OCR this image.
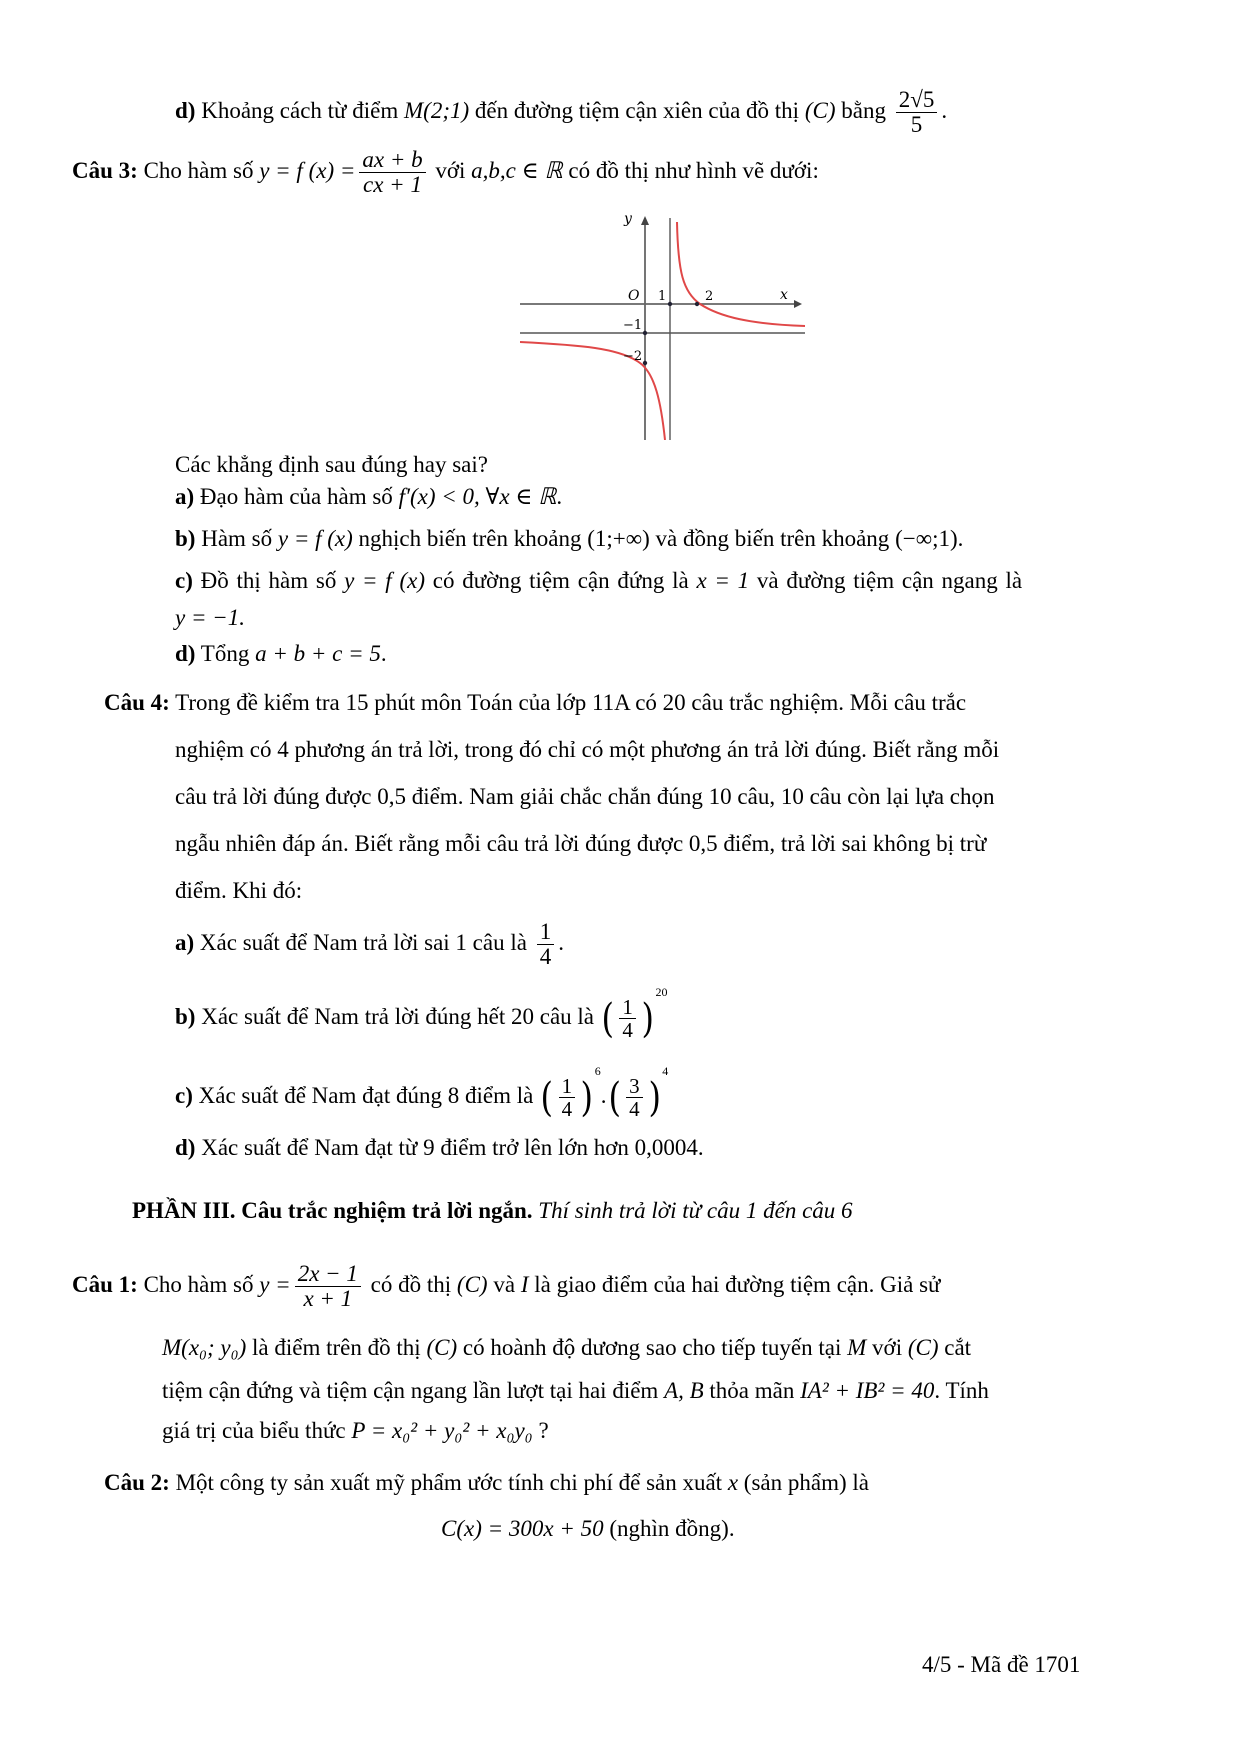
d) Khoảng cách từ điểm M(2;1) đến đường tiệm cận xiên của đồ thị (C) bằng $\frac{2√5}{5}$ .
Câu 3: Cho hàm số y = f $(x) = \frac{ax + b}{cx + 1}$ với a,b,c ∈ ℝ có đồ thị như hình vẽ dưới:
y
x
O 1	2
−1
−2
Các khẳng định sau đúng hay sai?
a) Đạo hàm của hàm số f′(x) < 0, ∀x ∈ ℝ.
b) Hàm số y = f (x) nghịch biến trên khoảng (1;+∞) và đồng biến trên khoảng (−∞;1).
c) Đồ thị hàm số y = f (x) có đường tiệm cận đứng là x = 1 và đường tiệm cận ngang là
y = −1.
d) Tổng a + b + c = 5.
Câu 4: Trong đề kiểm tra 15 phút môn Toán của lớp 11A có 20 câu trắc nghiệm. Mỗi câu trắc
nghiệm có 4 phương án trả lời, trong đó chỉ có một phương án trả lời đúng. Biết rằng mỗi
câu trả lời đúng được 0,5 điểm. Nam giải chắc chắn đúng 10 câu, 10 câu còn lại lựa chọn
ngẫu nhiên đáp án. Biết rằng mỗi câu trả lời đúng được 0,5 điểm, trả lời sai không bị trừ
điểm. Khi đó:
a) Xác suất để Nam trả lời sai 1 câu là $\frac{1}{4}$ .
b) Xác suất để Nam trả lời đúng hết 20 câu là ( $\frac{1}{4} )^{20}$
c) Xác suất để Nam đạt đúng 8 điểm là ( $\frac{1}{4} )^6.( \frac{3}{4} )^4$
d) Xác suất để Nam đạt từ 9 điểm trở lên lớn hơn 0,0004.
PHẦN III. Câu trắc nghiệm trả lời ngắn. Thí sinh trả lời từ câu 1 đến câu 6
Câu 1: Cho hàm số $y = \frac{2x - 1}{x + 1}$ có đồ thị (C) và I là giao điểm của hai đường tiệm cận. Giả sử
M(x₀; y₀) là điểm trên đồ thị (C) có hoành độ dương sao cho tiếp tuyến tại M với (C) cắt
tiệm cận đứng và tiệm cận ngang lần lượt tại hai điểm A, B thỏa mãn IA² + IB² = 40. Tính
giá trị của biểu thức P = x₀² + y₀² + x₀y₀ ?
Câu 2: Một công ty sản xuất mỹ phẩm ước tính chi phí để sản xuất x (sản phẩm) là
C(x) = 300x + 50 (nghìn đồng).
4/5 - Mã đề 1701
